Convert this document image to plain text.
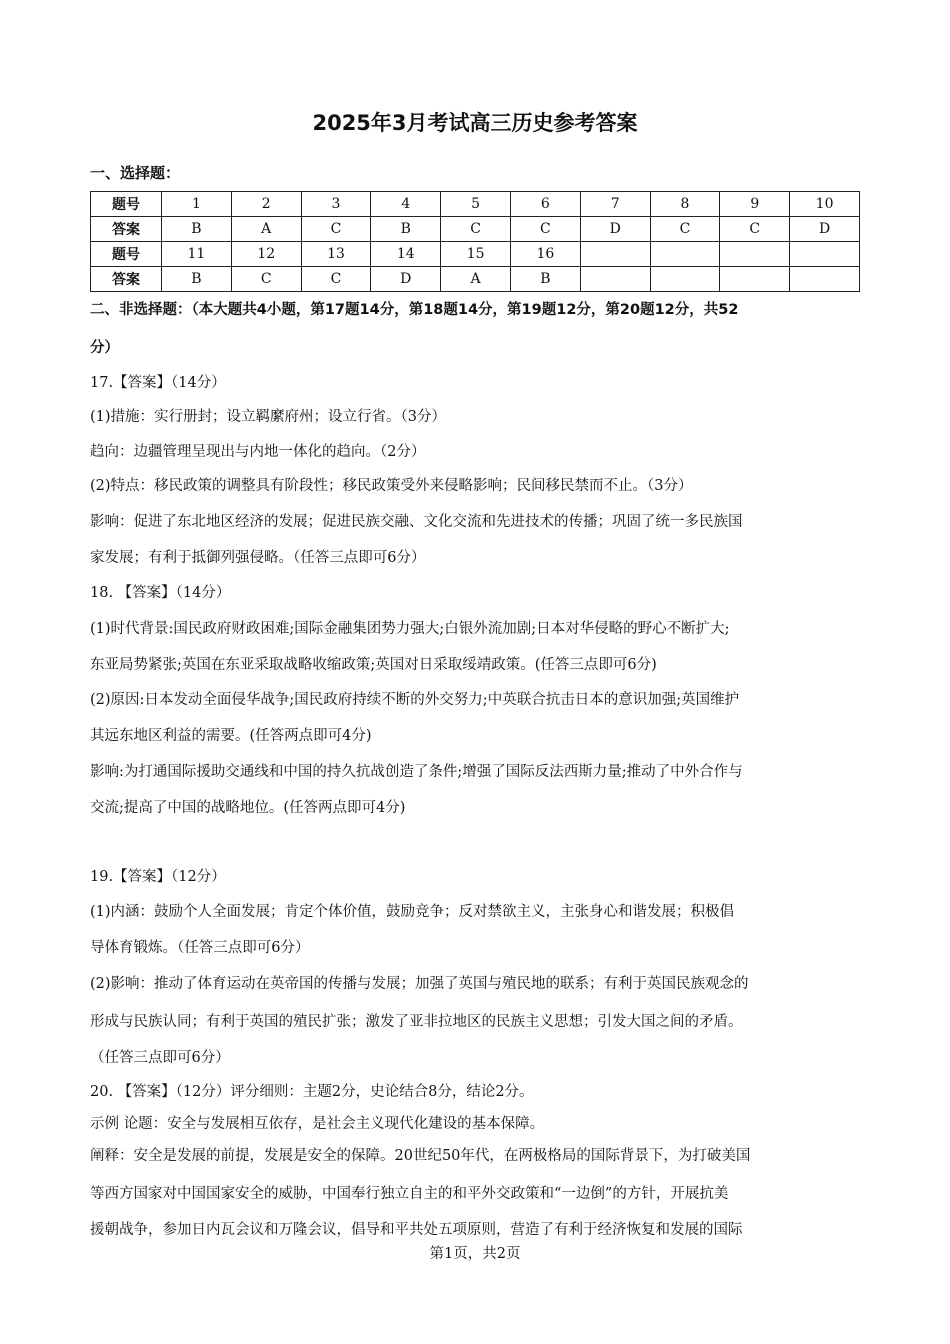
2025年3月考试高三历史参考答案
一、选择题：
题号	1	2	3	4	5	6	7	8	9	10
答案	B	A	C	B	C	C	D	C	C	D
题号	11	12	13	14	15	16				
答案	B	C	C	D	A	B				
二、非选择题：（本大题共4小题，第17题14分，第18题14分，第19题12分，第20题12分，共52
分）
17.【答案】（14分）
(1)措施：实行册封；设立羁縻府州；设立行省。（3分）
趋向：边疆管理呈现出与内地一体化的趋向。（2分）
(2)特点：移民政策的调整具有阶段性；移民政策受外来侵略影响；民间移民禁而不止。（3分）
影响：促进了东北地区经济的发展；促进民族交融、文化交流和先进技术的传播；巩固了统一多民族国
家发展；有利于抵御列强侵略。（任答三点即可6分）
18. 【答案】（14分）
(1)时代背景:国民政府财政困难;国际金融集团势力强大;白银外流加剧;日本对华侵略的野心不断扩大;
东亚局势紧张;英国在东亚采取战略收缩政策;英国对日采取绥靖政策。(任答三点即可6分)
(2)原因:日本发动全面侵华战争;国民政府持续不断的外交努力;中英联合抗击日本的意识加强;英国维护
其远东地区利益的需要。(任答两点即可4分)
影响:为打通国际援助交通线和中国的持久抗战创造了条件;增强了国际反法西斯力量;推动了中外合作与
交流;提高了中国的战略地位。(任答两点即可4分)
19.【答案】（12分）
(1)内涵：鼓励个人全面发展；肯定个体价值，鼓励竞争；反对禁欲主义，主张身心和谐发展；积极倡
导体育锻炼。（任答三点即可6分）
(2)影响：推动了体育运动在英帝国的传播与发展；加强了英国与殖民地的联系；有利于英国民族观念的
形成与民族认同；有利于英国的殖民扩张；激发了亚非拉地区的民族主义思想；引发大国之间的矛盾。
（任答三点即可6分）
20. 【答案】（12分）评分细则：主题2分，史论结合8分，结论2分。
示例 论题：安全与发展相互依存，是社会主义现代化建设的基本保障。
阐释：安全是发展的前提，发展是安全的保障。20世纪50年代，在两极格局的国际背景下，为打破美国
等西方国家对中国国家安全的威胁，中国奉行独立自主的和平外交政策和“一边倒”的方针，开展抗美
援朝战争，参加日内瓦会议和万隆会议，倡导和平共处五项原则，营造了有利于经济恢复和发展的国际
第1页，共2页
